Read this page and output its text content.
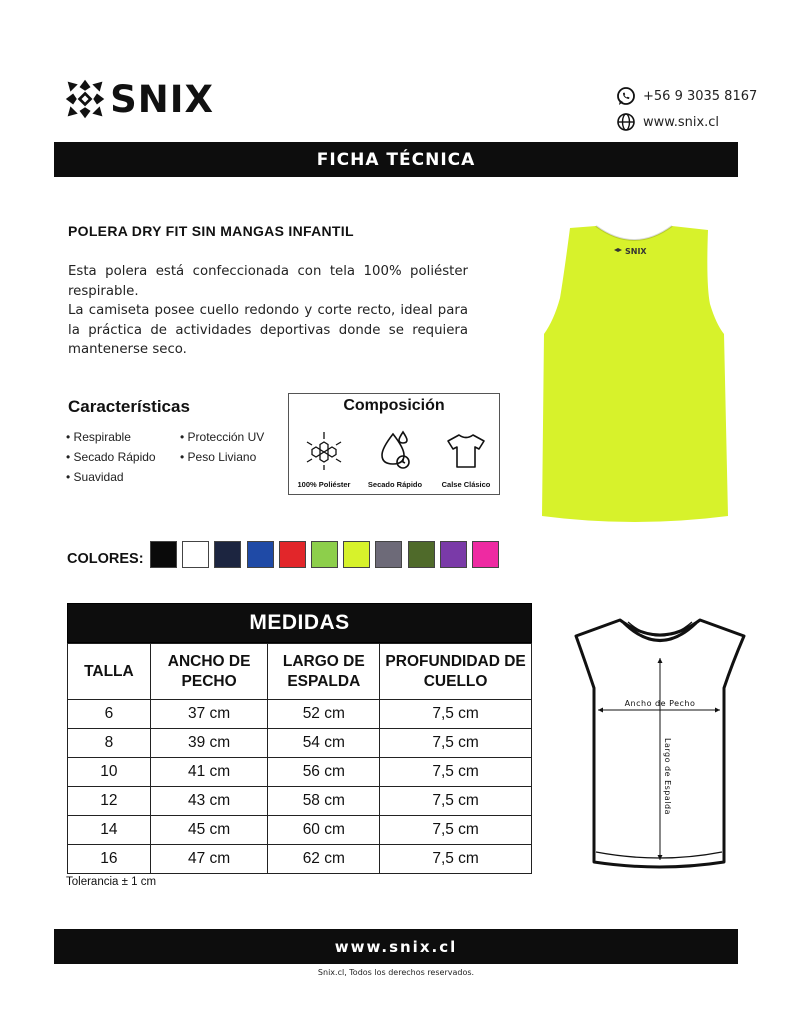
SNIX	+56 9 3035 8167
www.snix.cl
FICHA TÉCNICA
POLERA DRY FIT SIN MANGAS INFANTIL

Esta polera está confeccionada con tela 100% poliéster respirable.

La camiseta posee cuello redondo y corte recto, ideal para la práctica de actividades deportivas donde se requiera mantenerse seco.

SNIX
Características
• Respirable	• Protección UV
• Secado Rápido • Peso Liviano
• Suavidad
Composición
100% Poliéster	Secado Rápido	Calse Clásico
COLORES:
MEDIDAS
TALLA	ANCHO DE PECHO	LARGO DE ESPALDA	PROFUNDIDAD DE CUELLO
6	37 cm	52 cm	7,5 cm
8	39 cm	54 cm	7,5 cm
10	41 cm	56 cm	7,5 cm
12	43 cm	58 cm	7,5 cm
14	45 cm	60 cm	7,5 cm
16	47 cm	62 cm	7,5 cm
Tolerancia ± 1 cm
Ancho de Pecho
Largo de Espalda
www.snix.cl
Snix.cl, Todos los derechos reservados.
